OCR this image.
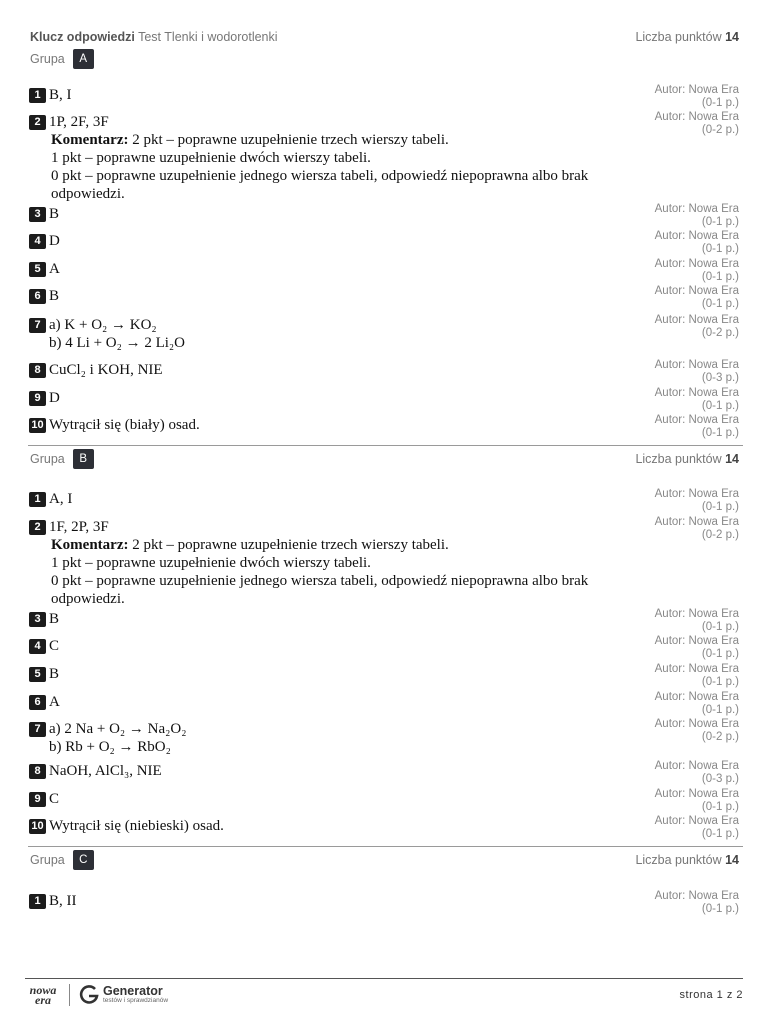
Klucz odpowiedzi Test Tlenki i wodorotlenki	Liczba punktów 14
Grupa	A
1 B, I	Autor: Nowa Era
(0-1 p.)
2 1P, 2F, 3F
Komentarz: 2 pkt – poprawne uzupełnienie trzech wierszy tabeli.
1 pkt – poprawne uzupełnienie dwóch wierszy tabeli.
0 pkt – poprawne uzupełnienie jednego wiersza tabeli, odpowiedź niepoprawna albo brak odpowiedzi.
Autor: Nowa Era
(0-2 p.)
3 B	Autor: Nowa Era
(0-1 p.)
4 D	Autor: Nowa Era
(0-1 p.)
5 A	Autor: Nowa Era
(0-1 p.)
6 B	Autor: Nowa Era
(0-1 p.)
7 a) K + O₂ → KO₂
b) 4 Li + O₂ → 2 Li₂O
Autor: Nowa Era
(0-2 p.)
8 CuCl₂ i KOH, NIE	Autor: Nowa Era
(0-3 p.)
9 D	Autor: Nowa Era
(0-1 p.)
10 Wytrącił się (biały) osad.	Autor: Nowa Era
(0-1 p.)
Grupa	B	Liczba punktów 14
1 A, I	Autor: Nowa Era
(0-1 p.)
2 1F, 2P, 3F
Komentarz: 2 pkt – poprawne uzupełnienie trzech wierszy tabeli.
1 pkt – poprawne uzupełnienie dwóch wierszy tabeli.
0 pkt – poprawne uzupełnienie jednego wiersza tabeli, odpowiedź niepoprawna albo brak odpowiedzi.
Autor: Nowa Era
(0-2 p.)
3 B	Autor: Nowa Era
(0-1 p.)
4 C	Autor: Nowa Era
(0-1 p.)
5 B	Autor: Nowa Era
(0-1 p.)
6 A	Autor: Nowa Era
(0-1 p.)
7 a) 2 Na + O₂ → Na₂O₂
b) Rb + O₂ → RbO₂
Autor: Nowa Era
(0-2 p.)
8 NaOH, AlCl₃, NIE	Autor: Nowa Era
(0-3 p.)
9 C	Autor: Nowa Era
(0-1 p.)
10 Wytrącił się (niebieski) osad.	Autor: Nowa Era
(0-1 p.)
Grupa	C	Liczba punktów 14
1 B, II	Autor: Nowa Era
(0-1 p.)
nowa era
Generator
testów i sprawdzianów	strona 1 z 2
